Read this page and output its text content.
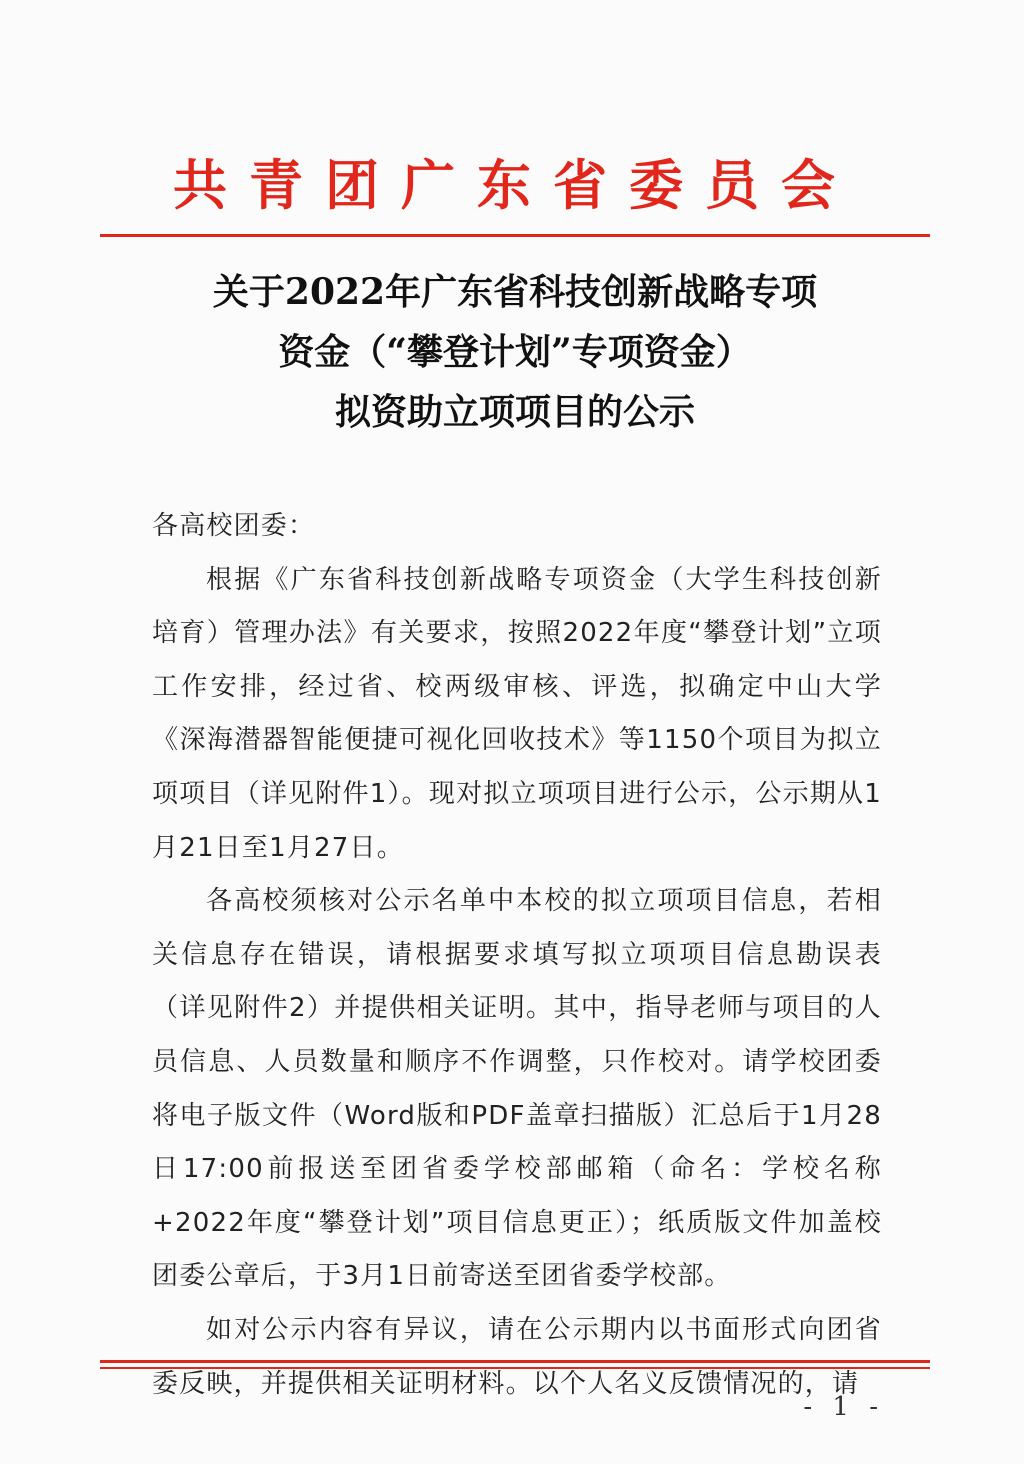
共青团广东省委员会
关于2022年广东省科技创新战略专项
资金（“攀登计划”专项资金）
拟资助立项项目的公示

各高校团委：

根据《广东省科技创新战略专项资金（大学生科技创新培育）管理办法》有关要求，按照2022年度“攀登计划”立项工作安排，经过省、校两级审核、评选，拟确定中山大学《深海潜器智能便捷可视化回收技术》等1150个项目为拟立项项目（详见附件1）。现对拟立项项目进行公示，公示期从1月21日至1月27日。

各高校须核对公示名单中本校的拟立项项目信息，若相关信息存在错误，请根据要求填写拟立项项目信息勘误表（详见附件2）并提供相关证明。其中，指导老师与项目的人员信息、人员数量和顺序不作调整，只作校对。请学校团委将电子版文件（Word版和PDF盖章扫描版）汇总后于1月28日17:00前报送至团省委学校部邮箱（命名：学校名称+2022年度“攀登计划”项目信息更正）；纸质版文件加盖校团委公章后，于3月1日前寄送至团省委学校部。

如对公示内容有异议，请在公示期内以书面形式向团省委反映，并提供相关证明材料。以个人名义反馈情况的，请

- 1 -
